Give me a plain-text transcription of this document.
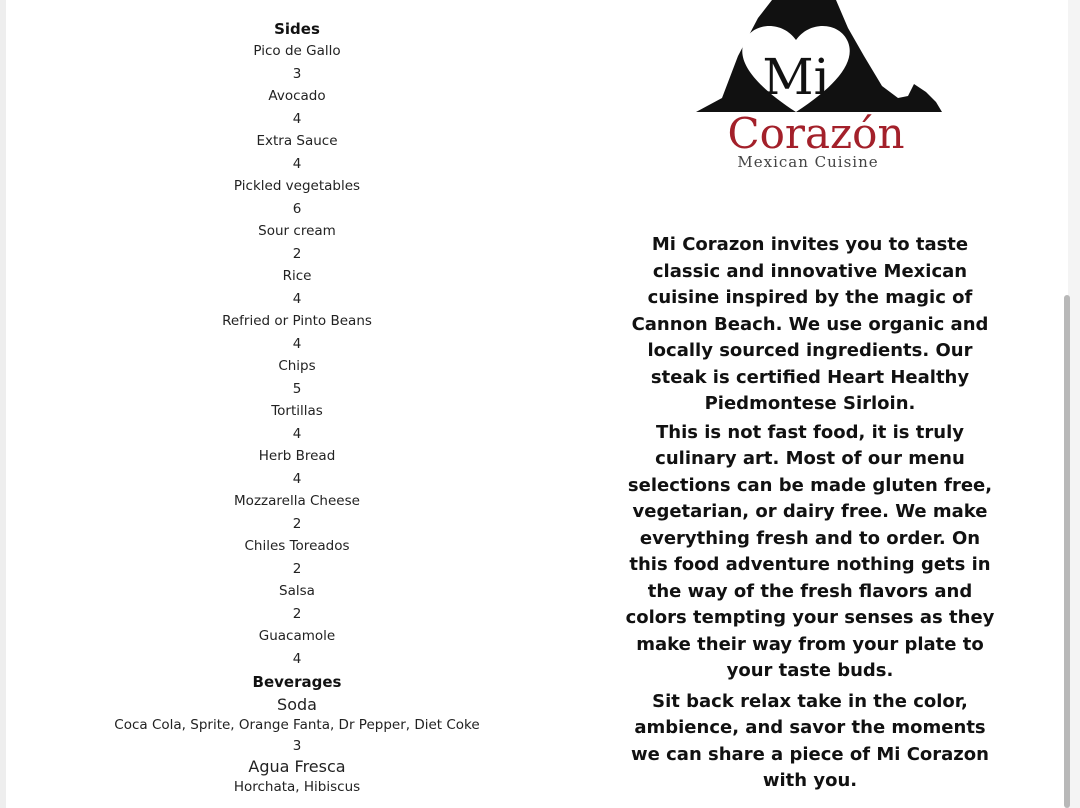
Sides
Pico de Gallo
3
Avocado
4
Extra Sauce
4
Pickled vegetables
6
Sour cream
2
Rice
4
Refried or Pinto Beans
4
Chips
5
Tortillas
4
Herb Bread
4
Mozzarella Cheese
2
Chiles Toreados
2
Salsa
2
Guacamole
4
Beverages
Soda
Coca Cola, Sprite, Orange Fanta, Dr Pepper, Diet Coke
3
Agua Fresca
Horchata, Hibiscus
Mi
Corazón
Mexican Cuisine

Mi Corazon invites you to taste classic and innovative Mexican cuisine inspired by the magic of Cannon Beach. We use organic and locally sourced ingredients. Our steak is certified Heart Healthy Piedmontese Sirloin.

This is not fast food, it is truly culinary art. Most of our menu selections can be made gluten free, vegetarian, or dairy free. We make everything fresh and to order. On this food adventure nothing gets in the way of the fresh flavors and colors tempting your senses as they make their way from your plate to your taste buds.

Sit back relax take in the color, ambience, and savor the moments we can share a piece of Mi Corazon with you.
